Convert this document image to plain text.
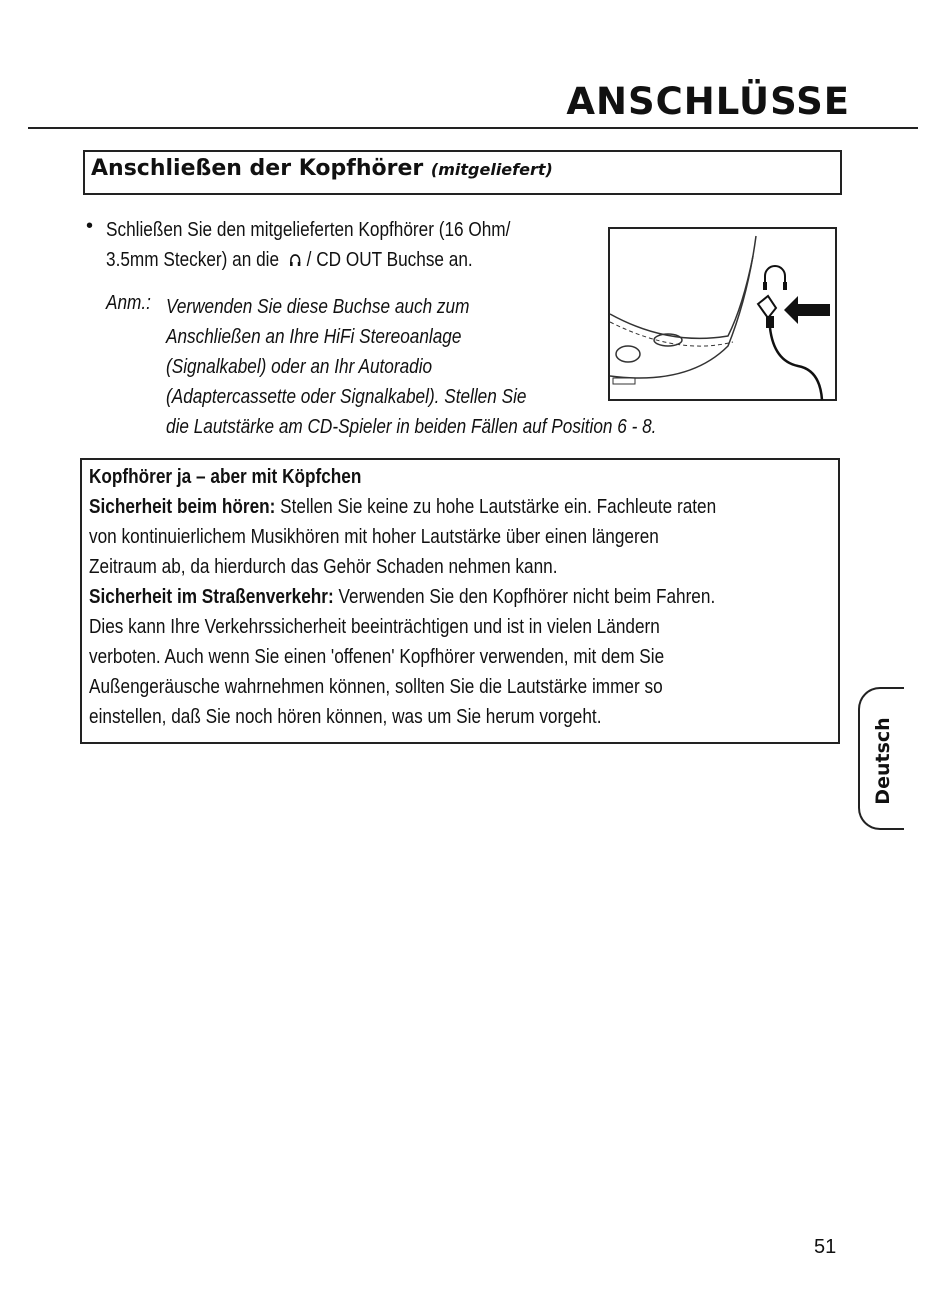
ANSCHLÜSSE
Anschließen der Kopfhörer (mitgeliefert)
• Schließen Sie den mitgelieferten Kopfhörer (16 Ohm/
3.5mm Stecker) an die  / CD OUT Buchse an.
Anm.: Verwenden Sie diese Buchse auch zum
Anschließen an Ihre HiFi Stereoanlage
(Signalkabel) oder an Ihr Autoradio
(Adaptercassette oder Signalkabel). Stellen Sie
die Lautstärke am CD-Spieler in beiden Fällen auf Position 6 - 8.
Kopfhörer ja – aber mit Köpfchen
Sicherheit beim hören: Stellen Sie keine zu hohe Lautstärke ein. Fachleute raten
von kontinuierlichem Musikhören mit hoher Lautstärke über einen längeren
Zeitraum ab, da hierdurch das Gehör Schaden nehmen kann.
Sicherheit im Straßenverkehr: Verwenden Sie den Kopfhörer nicht beim Fahren.
Dies kann Ihre Verkehrssicherheit beeinträchtigen und ist in vielen Ländern
verboten. Auch wenn Sie einen 'offenen' Kopfhörer verwenden, mit dem Sie
Außengeräusche wahrnehmen können, sollten Sie die Lautstärke immer so
einstellen, daß Sie noch hören können, was um Sie herum vorgeht.
Deutsch
51
